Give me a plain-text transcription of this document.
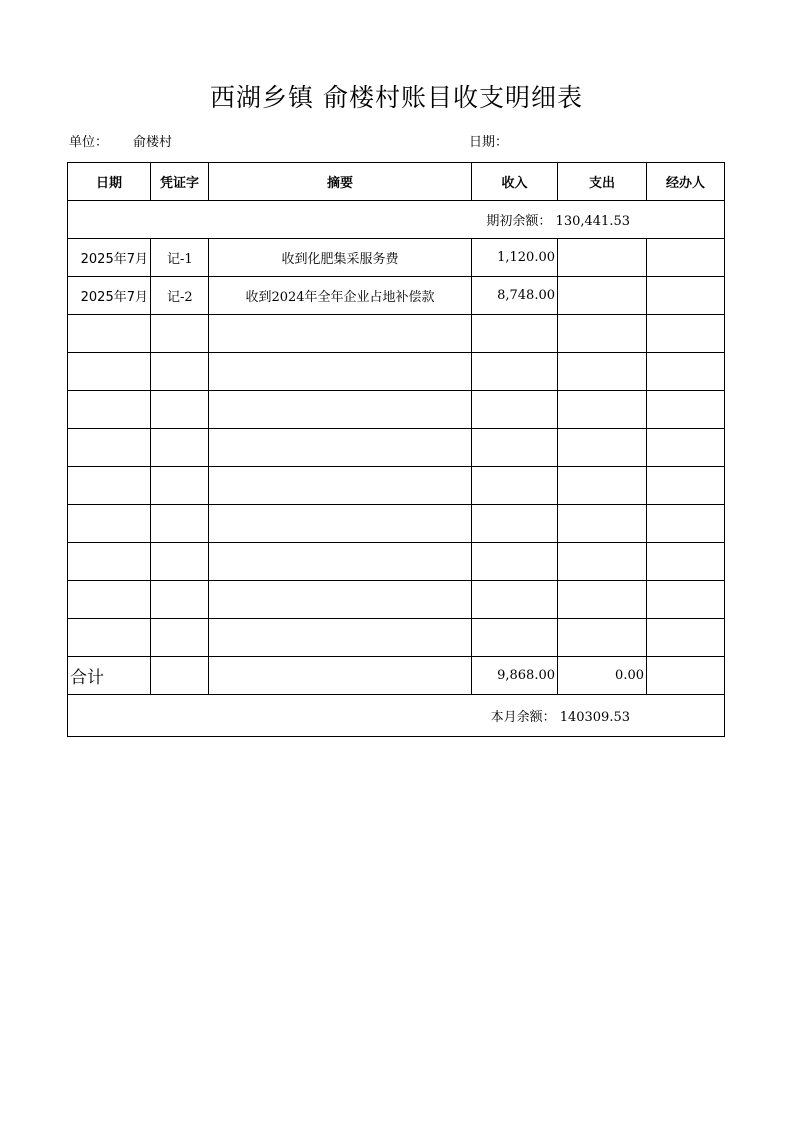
西湖乡镇 俞楼村账目收支明细表
单位： 俞楼村	日期：
日期	凭证字	摘要	收入	支出	经办人
期初余额： 130,441.53					
2025年7月	记-1	收到化肥集采服务费	1,120.00		
2025年7月	记-2	收到2024年全年企业占地补偿款	8,748.00		

合计			9,868.00	0.00	
本月余额： 140309.53					
